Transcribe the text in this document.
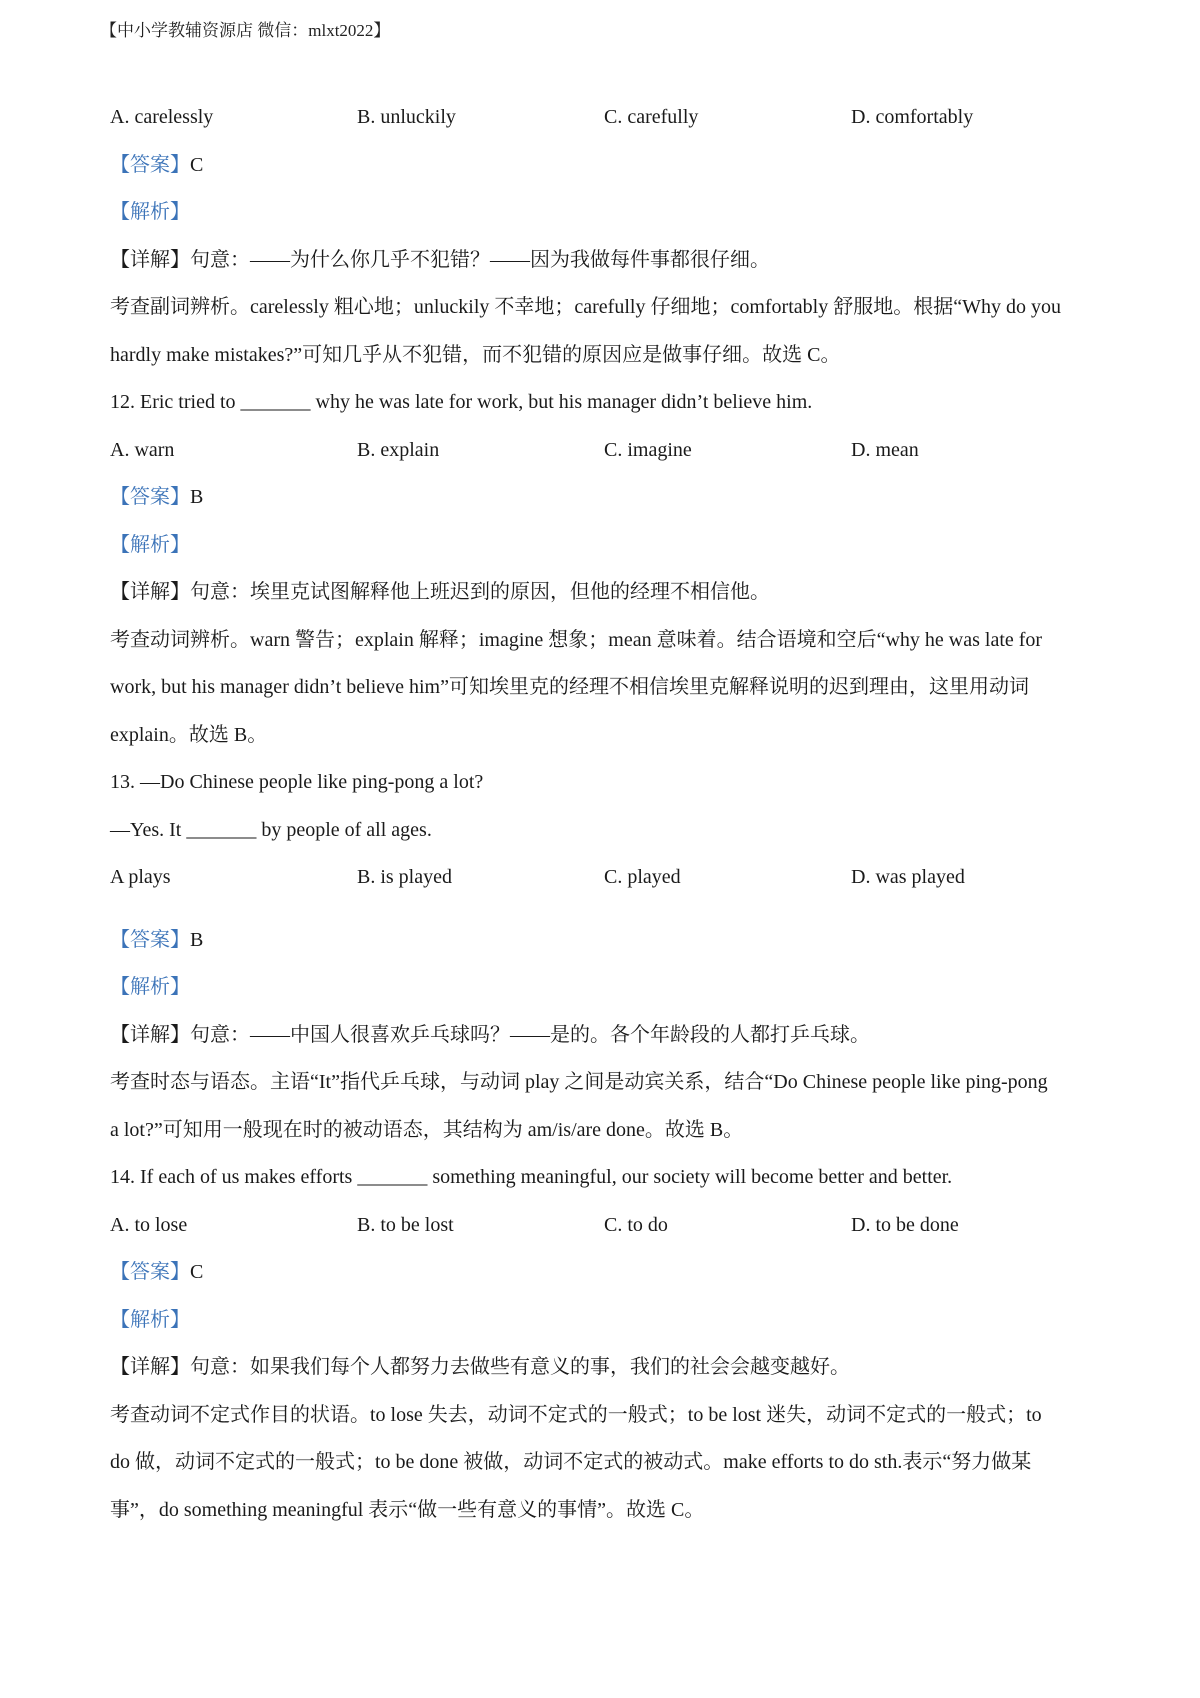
【中小学教辅资源店 微信：mlxt2022】
A. carelessly	B. unluckily	C. carefully	D. comfortably
【答案】C
【解析】
【详解】句意：——为什么你几乎不犯错？——因为我做每件事都很仔细。
考查副词辨析。carelessly 粗心地；unluckily 不幸地；carefully 仔细地；comfortably 舒服地。根据“Why do you
hardly make mistakes?”可知几乎从不犯错，而不犯错的原因应是做事仔细。故选 C。
12. Eric tried to _______ why he was late for work, but his manager didn’t believe him.
A. warn	B. explain	C. imagine	D. mean
【答案】B
【解析】
【详解】句意：埃里克试图解释他上班迟到的原因，但他的经理不相信他。
考查动词辨析。warn 警告；explain 解释；imagine 想象；mean 意味着。结合语境和空后“why he was late for
work, but his manager didn’t believe him”可知埃里克的经理不相信埃里克解释说明的迟到理由，这里用动词
explain。故选 B。
13. —Do Chinese people like ping-pong a lot?
—Yes. It _______ by people of all ages.
A plays	B. is played	C. played	D. was played
【答案】B
【解析】
【详解】句意：——中国人很喜欢乒乓球吗？——是的。各个年龄段的人都打乒乓球。
考查时态与语态。主语“It”指代乒乓球，与动词 play 之间是动宾关系，结合“Do Chinese people like ping-pong
a lot?”可知用一般现在时的被动语态，其结构为 am/is/are done。故选 B。
14. If each of us makes efforts _______ something meaningful, our society will become better and better.
A. to lose	B. to be lost	C. to do	D. to be done
【答案】C
【解析】
【详解】句意：如果我们每个人都努力去做些有意义的事，我们的社会会越变越好。
考查动词不定式作目的状语。to lose 失去，动词不定式的一般式；to be lost 迷失，动词不定式的一般式；to
do 做，动词不定式的一般式；to be done 被做，动词不定式的被动式。make efforts to do sth.表示“努力做某
事”，do something meaningful 表示“做一些有意义的事情”。故选 C。
